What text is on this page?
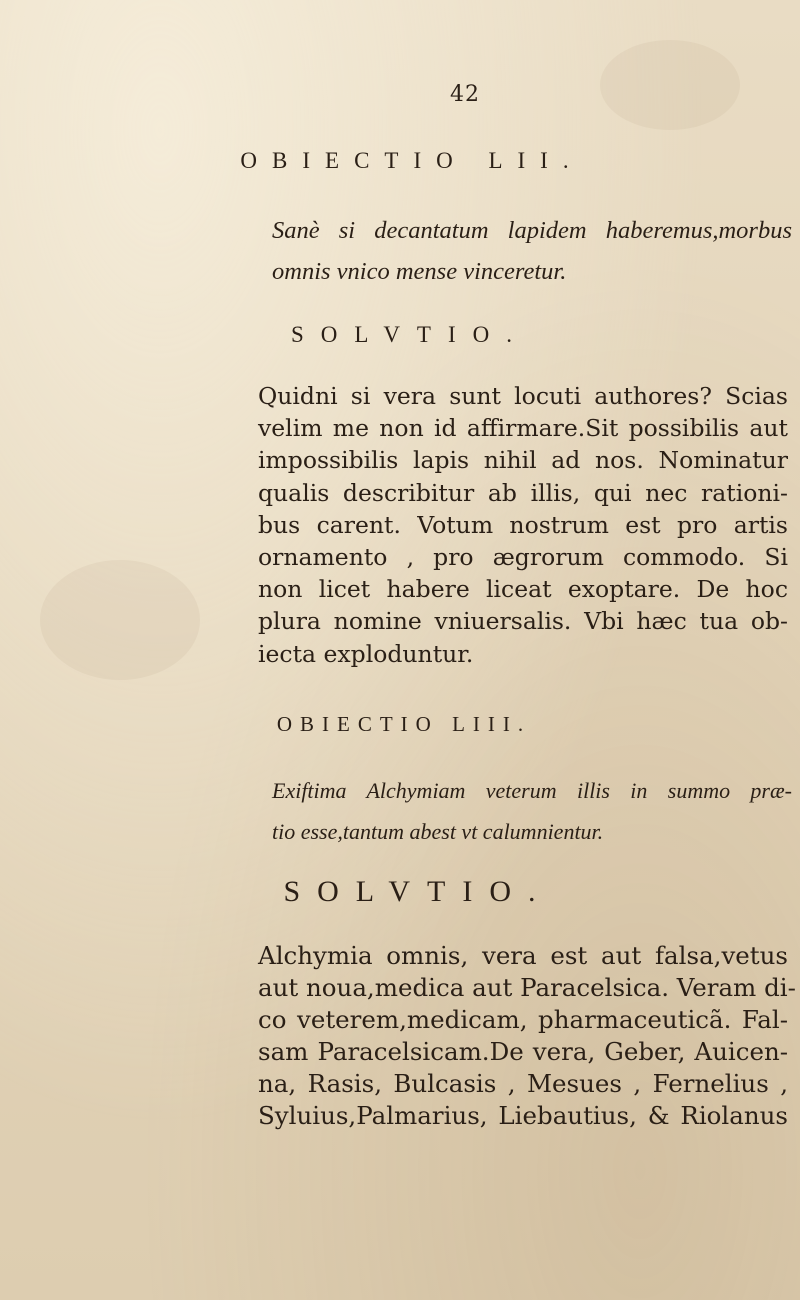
42
OBIECTIO LII.
Sanè si decantatum lapidem haberemus,morbus
omnis vnico mense vinceretur.
SOLVTIO.
Quidni si vera sunt locuti authores? Scias
velim me non id affirmare.Sit possibilis aut
impossibilis lapis nihil ad nos. Nominatur
qualis describitur ab illis, qui nec rationi-
bus carent. Votum nostrum est pro artis
ornamento , pro ægrorum commodo. Si
non licet habere liceat exoptare. De hoc
plura nomine vniuersalis. Vbi hæc tua ob-
iecta exploduntur.
OBIECTIO LIII.
Exiftima Alchymiam veterum illis in summo præ-
tio esse,tantum abest vt calumnientur.
SOLVTIO.
Alchymia omnis, vera est aut falsa,vetus
aut noua,medica aut Paracelsica. Veram di-
co veterem,medicam, pharmaceuticã. Fal-
sam Paracelsicam.De vera, Geber, Auicen-
na, Rasis, Bulcasis , Mesues , Fernelius ,
Syluius,Palmarius, Liebautius, & Riolanus
